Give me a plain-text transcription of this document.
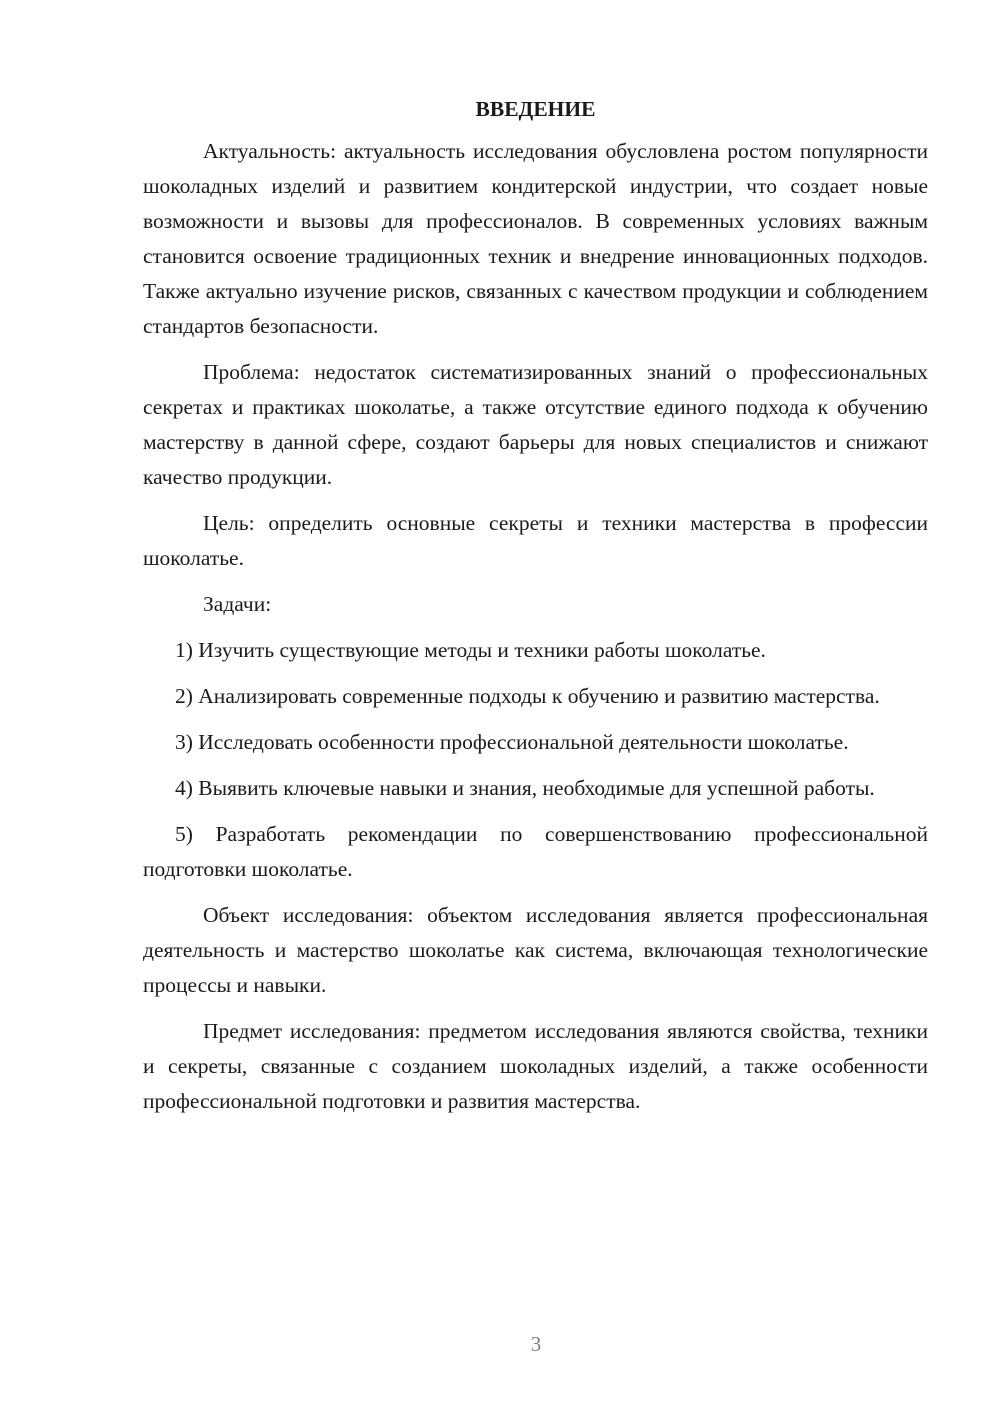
ВВЕДЕНИЕ

Актуальность: актуальность исследования обусловлена ростом популярности шоколадных изделий и развитием кондитерской индустрии, что создает новые возможности и вызовы для профессионалов. В современных условиях важным становится освоение традиционных техник и внедрение инновационных подходов. Также актуально изучение рисков, связанных с качеством продукции и соблюдением стандартов безопасности.

Проблема: недостаток систематизированных знаний о профессиональных секретах и практиках шоколатье, а также отсутствие единого подхода к обучению мастерству в данной сфере, создают барьеры для новых специалистов и снижают качество продукции.

Цель: определить основные секреты и техники мастерства в профессии шоколатье.

Задачи:

1) Изучить существующие методы и техники работы шоколатье.

2) Анализировать современные подходы к обучению и развитию мастерства.

3) Исследовать особенности профессиональной деятельности шоколатье.

4) Выявить ключевые навыки и знания, необходимые для успешной работы.

5) Разработать рекомендации по совершенствованию профессиональной подготовки шоколатье.

Объект исследования: объектом исследования является профессиональная деятельность и мастерство шоколатье как система, включающая технологические процессы и навыки.

Предмет исследования: предметом исследования являются свойства, техники и секреты, связанные с созданием шоколадных изделий, а также особенности профессиональной подготовки и развития мастерства.

3
